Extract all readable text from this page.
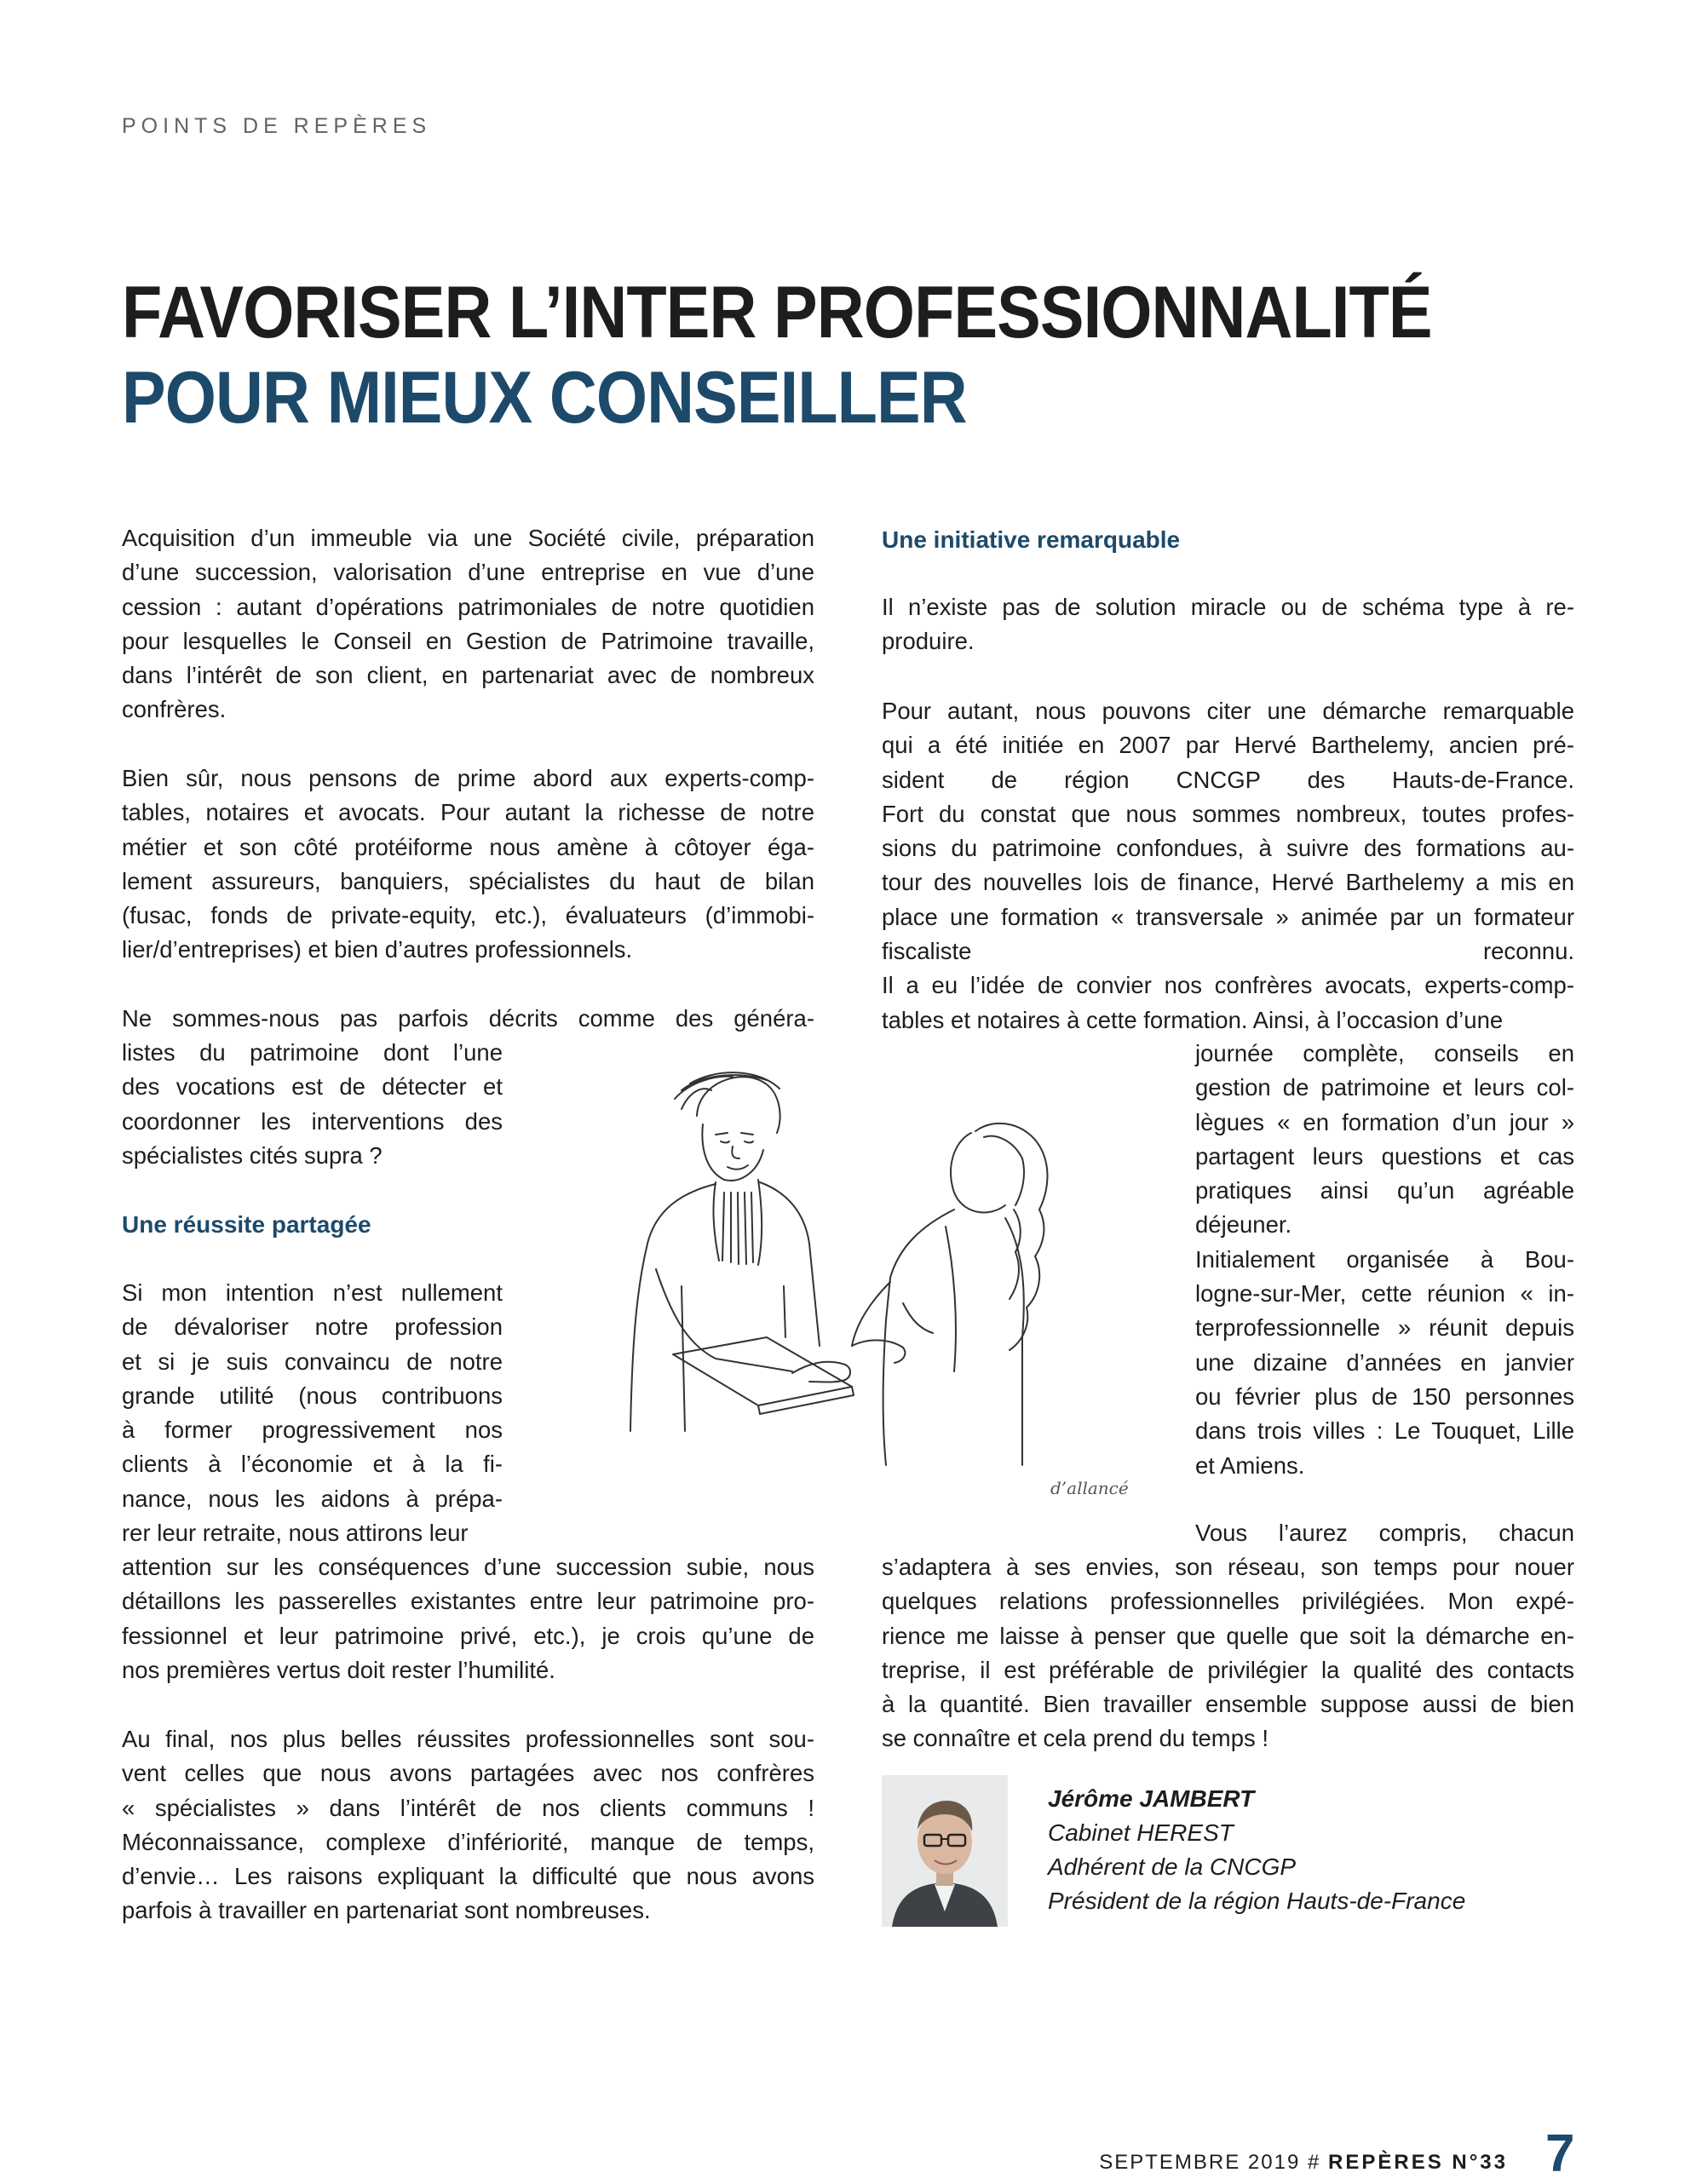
POINTS DE REPÈRES
FAVORISER L’INTER PROFESSIONNALITÉ
POUR MIEUX CONSEILLER
Acquisition d’un immeuble via une Société civile, préparation
d’une succession, valorisation d’une entreprise en vue d’une
cession : autant d’opérations patrimoniales de notre quotidien
pour lesquelles le Conseil en Gestion de Patrimoine travaille,
dans l’intérêt de son client, en partenariat avec de nombreux
confrères.
Bien sûr, nous pensons de prime abord aux experts-comp-
tables, notaires et avocats. Pour autant la richesse de notre
métier et son côté protéiforme nous amène à côtoyer éga-
lement assureurs, banquiers, spécialistes du haut de bilan
(fusac, fonds de private-equity, etc.), évaluateurs (d’immobi-
lier/d’entreprises) et bien d’autres professionnels.
Ne sommes-nous pas parfois décrits comme des généra-
listes du patrimoine dont l’une
des vocations est de détecter et
coordonner les interventions des
spécialistes cités supra ?
Une réussite partagée
Si mon intention n’est nullement
de dévaloriser notre profession
et si je suis convaincu de notre
grande utilité (nous contribuons
à former progressivement nos
clients à l’économie et à la fi-
nance, nous les aidons à prépa-
rer leur retraite, nous attirons leur
attention sur les conséquences d’une succession subie, nous
détaillons les passerelles existantes entre leur patrimoine pro-
fessionnel et leur patrimoine privé, etc.), je crois qu’une de
nos premières vertus doit rester l’humilité.
Au final, nos plus belles réussites professionnelles sont sou-
vent celles que nous avons partagées avec nos confrères
« spécialistes » dans l’intérêt de nos clients communs !
Méconnaissance, complexe d’infériorité, manque de temps,
d’envie… Les raisons expliquant la difficulté que nous avons
parfois à travailler en partenariat sont nombreuses.
Une initiative remarquable
Il n’existe pas de solution miracle ou de schéma type à re-
produire.
Pour autant, nous pouvons citer une démarche remarquable
qui a été initiée en 2007 par Hervé Barthelemy, ancien pré-
sident de région CNCGP des Hauts-de-France.
Fort du constat que nous sommes nombreux, toutes profes-
sions du patrimoine confondues, à suivre des formations au-
tour des nouvelles lois de finance, Hervé Barthelemy a mis en
place une formation « transversale » animée par un formateur
fiscaliste reconnu.
Il a eu l’idée de convier nos confrères avocats, experts-comp-
tables et notaires à cette formation. Ainsi, à l’occasion d’une
journée complète, conseils en
gestion de patrimoine et leurs col-
lègues « en formation d’un jour »
partagent leurs questions et cas
pratiques ainsi qu’un agréable
déjeuner.
Initialement organisée à Bou-
logne-sur-Mer, cette réunion « in-
terprofessionnelle » réunit depuis
une dizaine d’années en janvier
ou février plus de 150 personnes
dans trois villes : Le Touquet, Lille
et Amiens.
Vous l’aurez compris, chacun
s’adaptera à ses envies, son réseau, son temps pour nouer
quelques relations professionnelles privilégiées. Mon expé-
rience me laisse à penser que quelle que soit la démarche en-
treprise, il est préférable de privilégier la qualité des contacts
à la quantité. Bien travailler ensemble suppose aussi de bien
se connaître et cela prend du temps !
d’allancé
Jérôme JAMBERT
Cabinet HEREST
Adhérent de la CNCGP
Président de la région Hauts-de-France
SEPTEMBRE 2019 # REPÈRES N°33 7
